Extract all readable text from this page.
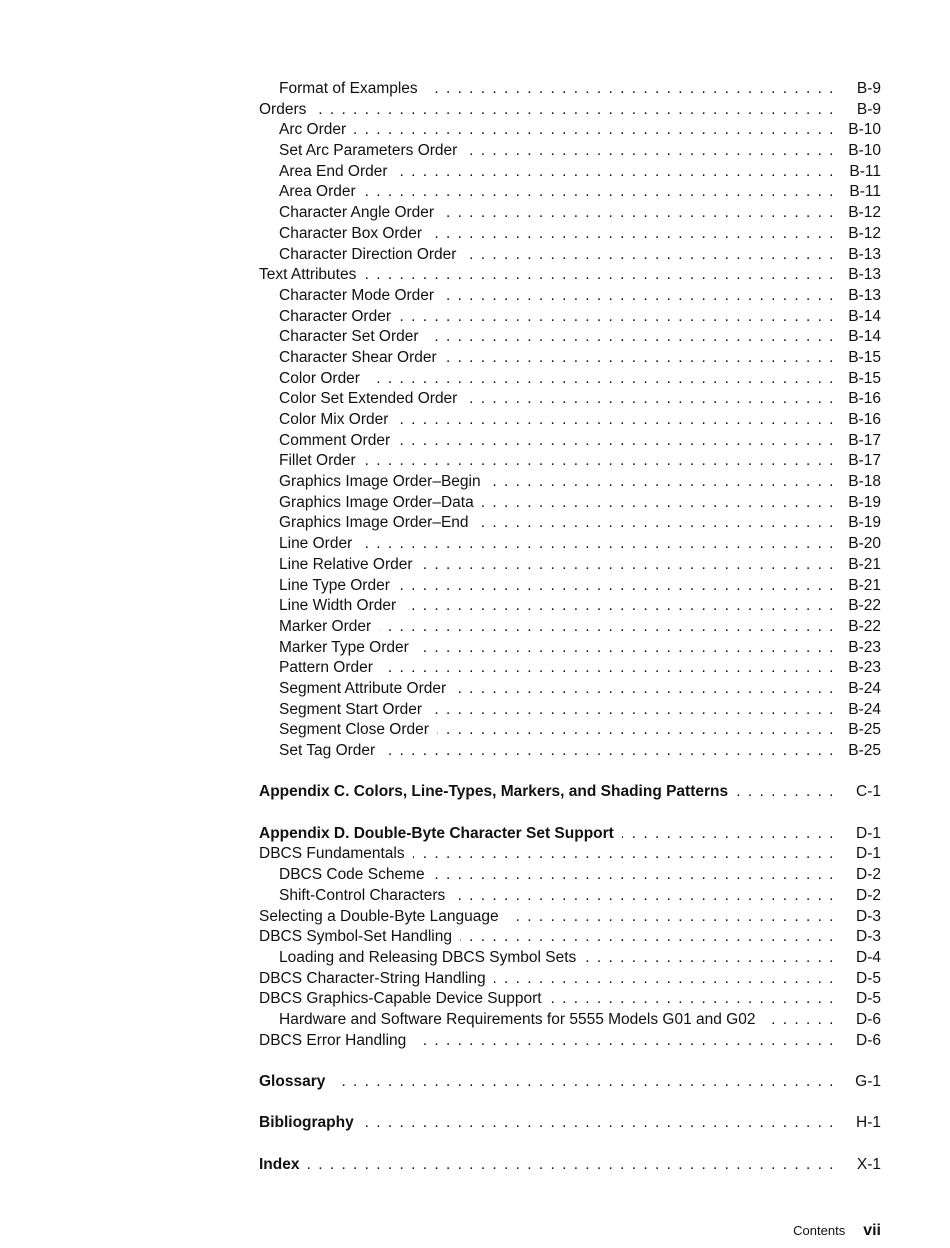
Format of Examples . . .	B-9
Orders . . .	B-9
Arc Order . . .	B-10
Set Arc Parameters Order . . .	B-10
Area End Order . . .	B-11
Area Order . . .	B-11
Character Angle Order . . .	B-12
Character Box Order . . .	B-12
Character Direction Order . . .	B-13
Text Attributes . . .	B-13
Character Mode Order . . .	B-13
Character Order . . .	B-14
Character Set Order . . .	B-14
Character Shear Order . . .	B-15
Color Order . . .	B-15
Color Set Extended Order . . .	B-16
Color Mix Order . . .	B-16
Comment Order . . .	B-17
Fillet Order . . .	B-17
Graphics Image Order–Begin . . .	B-18
Graphics Image Order–Data . . .	B-19
Graphics Image Order–End . . .	B-19
Line Order . . .	B-20
Line Relative Order . . .	B-21
Line Type Order . . .	B-21
Line Width Order . . .	B-22
Marker Order . . .	B-22
Marker Type Order . . .	B-23
Pattern Order . . .	B-23
Segment Attribute Order . . .	B-24
Segment Start Order . . .	B-24
Segment Close Order . . .	B-25
Set Tag Order . . .	B-25
Appendix C. Colors, Line-Types, Markers, and Shading Patterns . . .	C-1
Appendix D. Double-Byte Character Set Support . . .	D-1
DBCS Fundamentals . . .	D-1
DBCS Code Scheme . . .	D-2
Shift-Control Characters . . .	D-2
Selecting a Double-Byte Language . . .	D-3
DBCS Symbol-Set Handling . . .	D-3
Loading and Releasing DBCS Symbol Sets . . .	D-4
DBCS Character-String Handling . . .	D-5
DBCS Graphics-Capable Device Support . . .	D-5
Hardware and Software Requirements for 5555 Models G01 and G02 . . .	D-6
DBCS Error Handling . . .	D-6
Glossary . . .	G-1
Bibliography . . .	H-1
Index . . .	X-1
Contents vii
